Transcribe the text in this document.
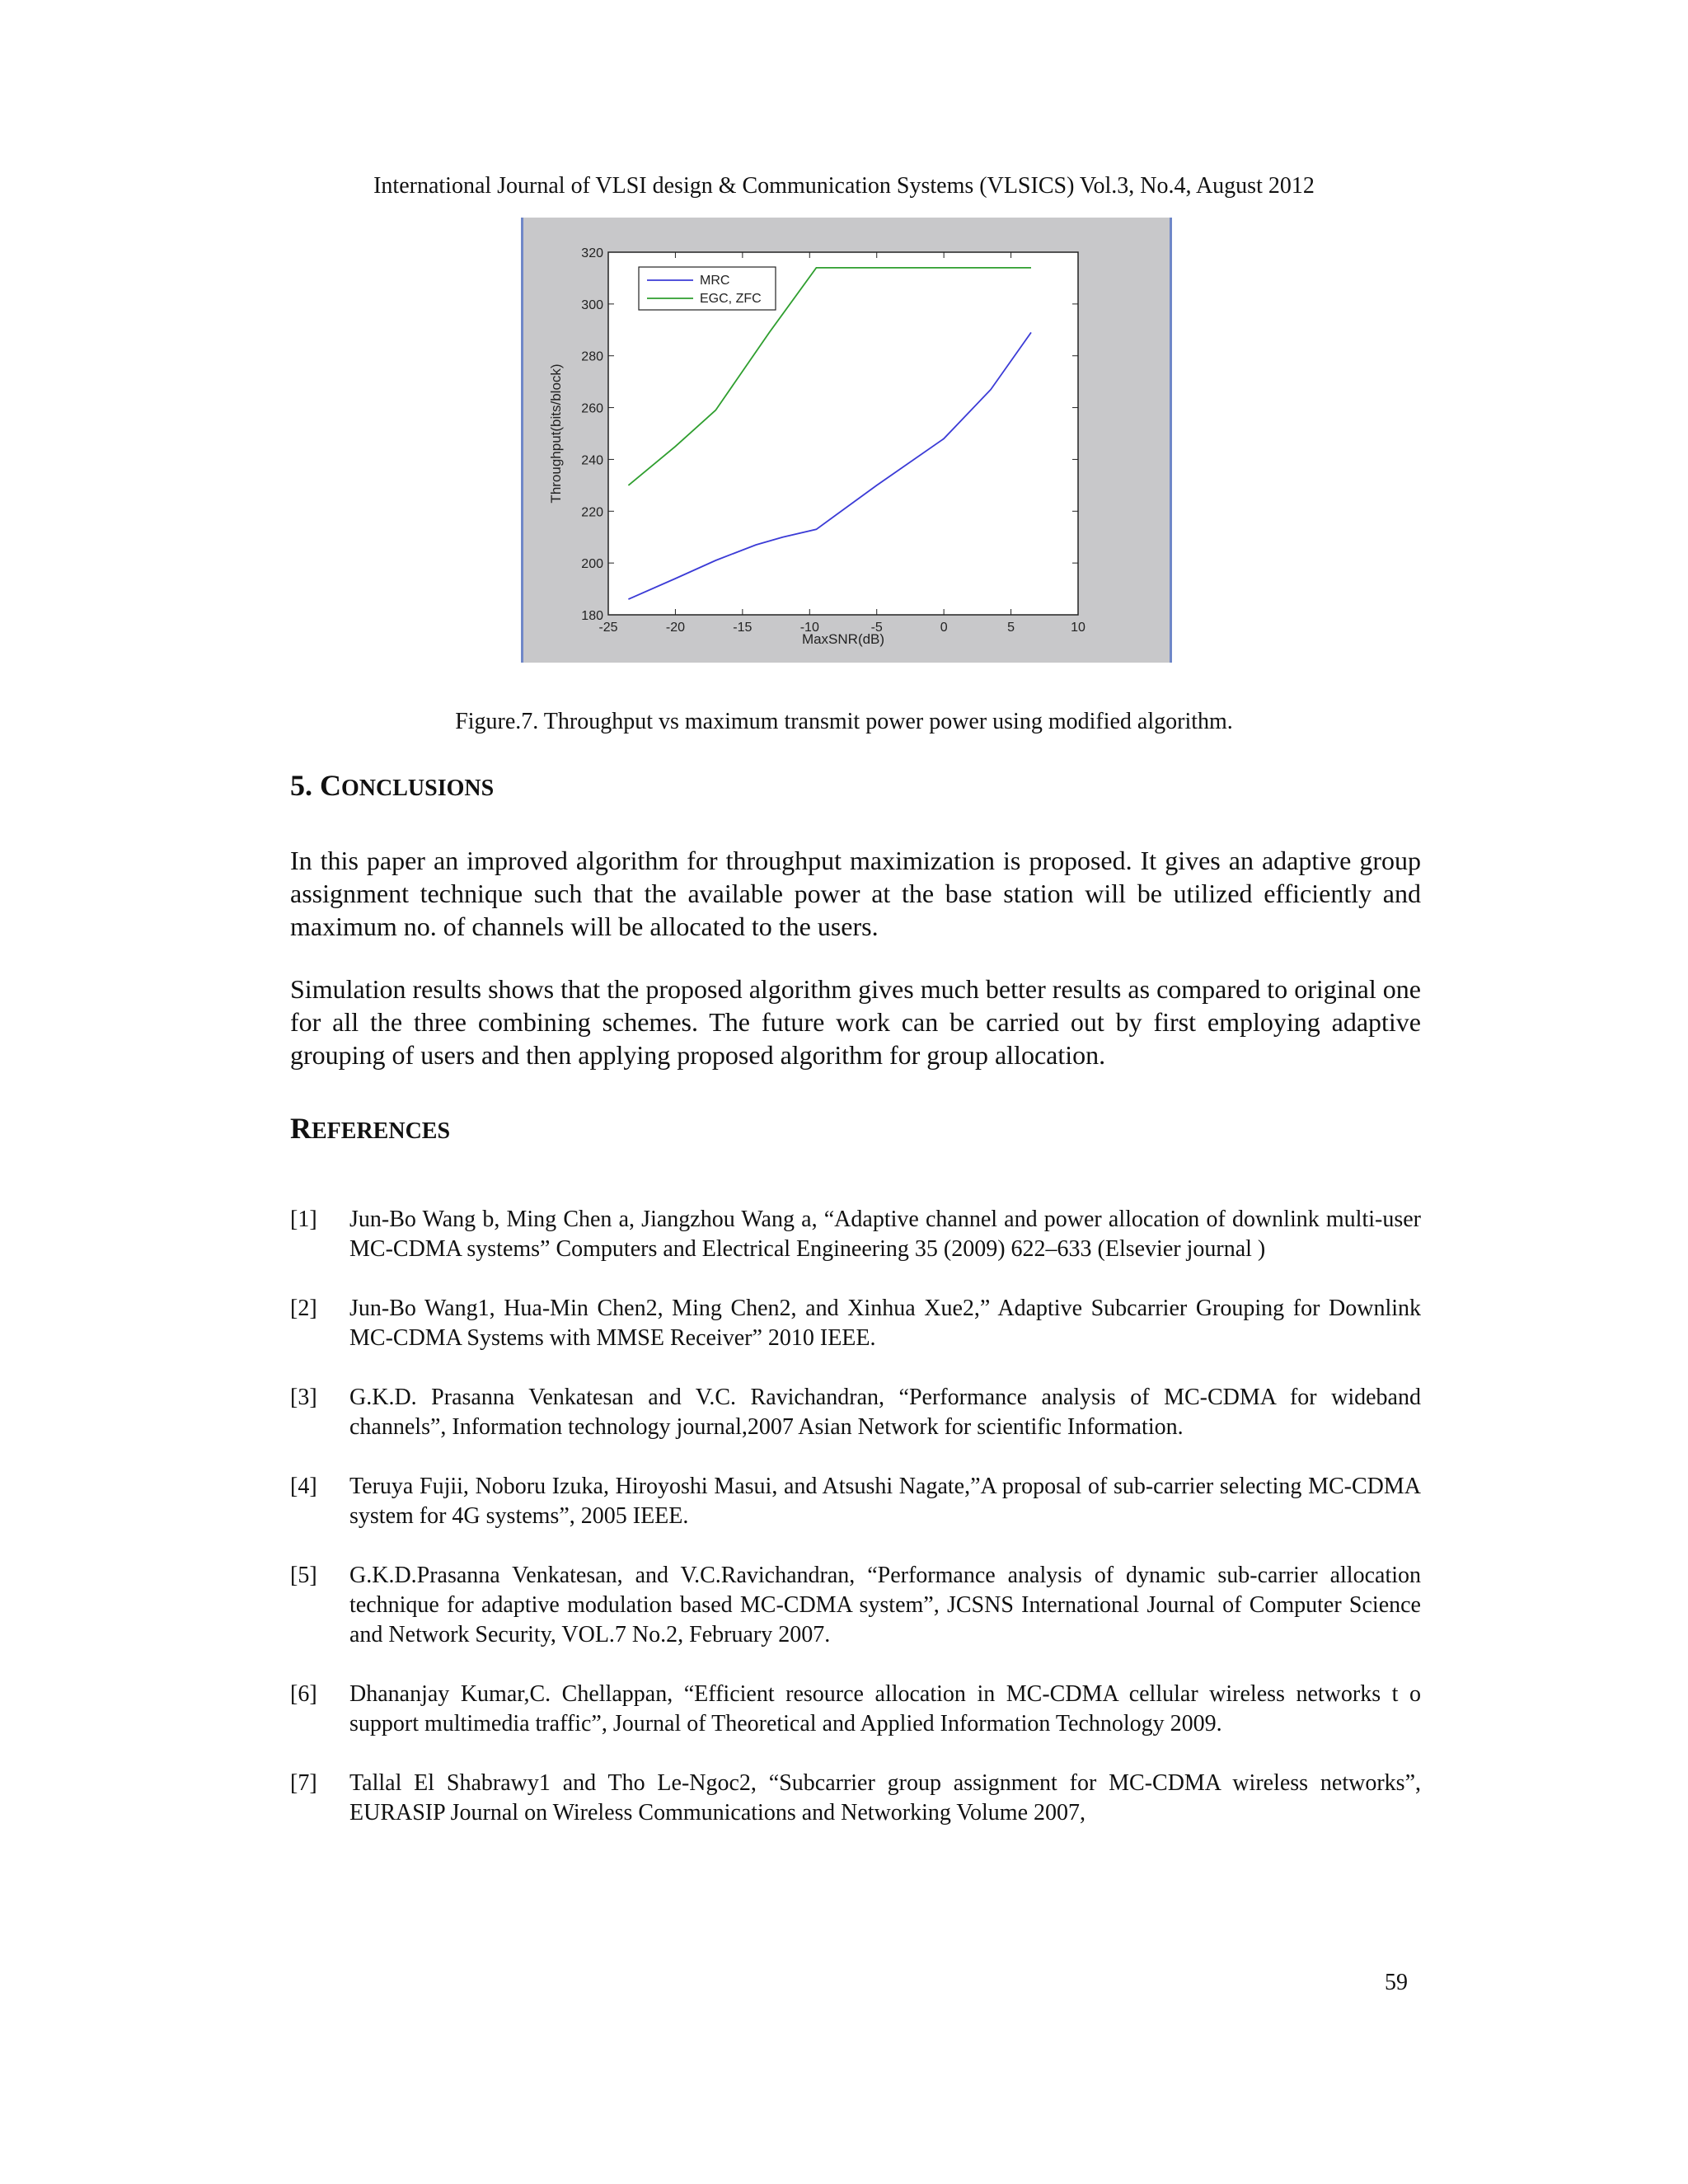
International Journal of VLSI design & Communication Systems (VLSICS) Vol.3, No.4, August 2012
-25	-20	-15	-10	-5	0	5	10
180
200
220
240
260
280
300
320
MRC
EGC, ZFC
MaxSNR(dB)
Throughput(bits/block)
Figure.7. Throughput vs maximum transmit power power using modified algorithm.
5. CONCLUSIONS
In this paper an improved algorithm for throughput maximization is proposed. It gives an adaptive group assignment technique such that the available power at the base station will be utilized efficiently and maximum no. of channels will be allocated to the users.
Simulation results shows that the proposed algorithm gives much better results as compared to original one for all the three combining schemes. The future work can be carried out by first employing adaptive grouping of users and then applying proposed algorithm for group allocation.
REFERENCES
[1] Jun-Bo Wang b, Ming Chen a, Jiangzhou Wang a, “Adaptive channel and power allocation of downlink multi-user MC-CDMA systems” Computers and Electrical Engineering 35 (2009) 622–633 (Elsevier journal )
[2] Jun-Bo Wang1, Hua-Min Chen2, Ming Chen2, and Xinhua Xue2,” Adaptive Subcarrier Grouping for Downlink MC-CDMA Systems with MMSE Receiver” 2010 IEEE.
[3] G.K.D. Prasanna Venkatesan and V.C. Ravichandran, “Performance analysis of MC-CDMA for wideband channels”, Information technology journal,2007 Asian Network for scientific Information.
[4] Teruya Fujii, Noboru Izuka, Hiroyoshi Masui, and Atsushi Nagate,”A proposal of sub-carrier selecting MC-CDMA system for 4G systems”, 2005 IEEE.
[5] G.K.D.Prasanna Venkatesan, and V.C.Ravichandran, “Performance analysis of dynamic sub-carrier allocation technique for adaptive modulation based MC-CDMA system”, JCSNS International Journal of Computer Science and Network Security, VOL.7 No.2, February 2007.
[6] Dhananjay Kumar,C. Chellappan, “Efficient resource allocation in MC-CDMA cellular wireless networks t o support multimedia traffic”, Journal of Theoretical and Applied Information Technology 2009.
[7] Tallal El Shabrawy1 and Tho Le-Ngoc2, “Subcarrier group assignment for MC-CDMA wireless networks”, EURASIP Journal on Wireless Communications and Networking Volume 2007,
59
